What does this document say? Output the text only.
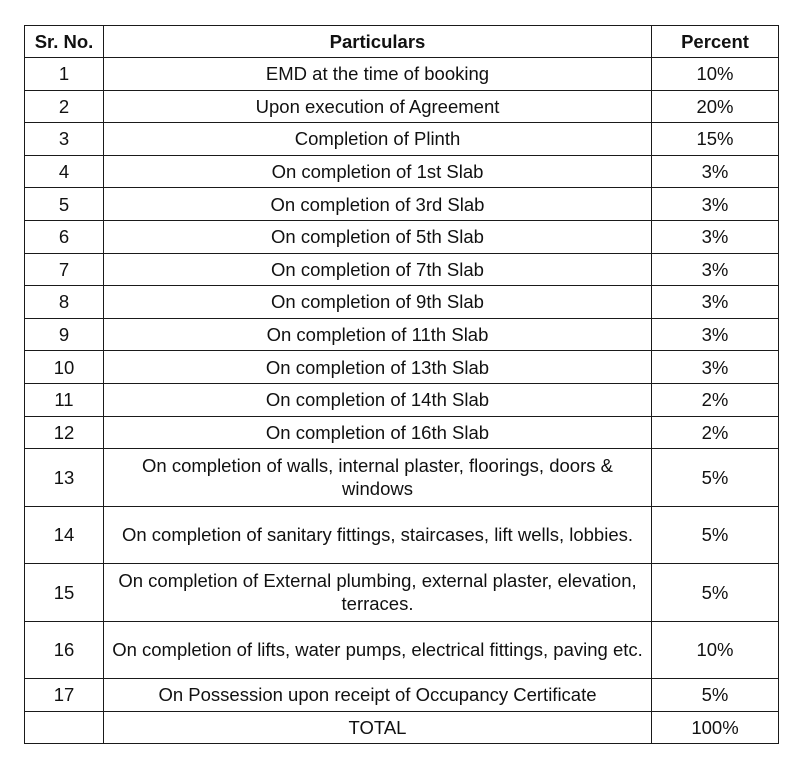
Sr. No.	Particulars	Percent
1	EMD at the time of booking	10%
2	Upon execution of Agreement	20%
3	Completion of Plinth	15%
4	On completion of 1st Slab	3%
5	On completion of 3rd Slab	3%
6	On completion of 5th Slab	3%
7	On completion of 7th Slab	3%
8	On completion of 9th Slab	3%
9	On completion of 11th Slab	3%
10	On completion of 13th Slab	3%
11	On completion of 14th Slab	2%
12	On completion of 16th Slab	2%
13	On completion of walls, internal plaster, floorings, doors & windows	5%
14	On completion of sanitary fittings, staircases, lift wells, lobbies.	5%
15	On completion of External plumbing, external plaster, elevation, terraces.	5%
16	On completion of lifts, water pumps, electrical fittings, paving etc.	10%
17	On Possession upon receipt of Occupancy Certificate	5%
	TOTAL	100%
